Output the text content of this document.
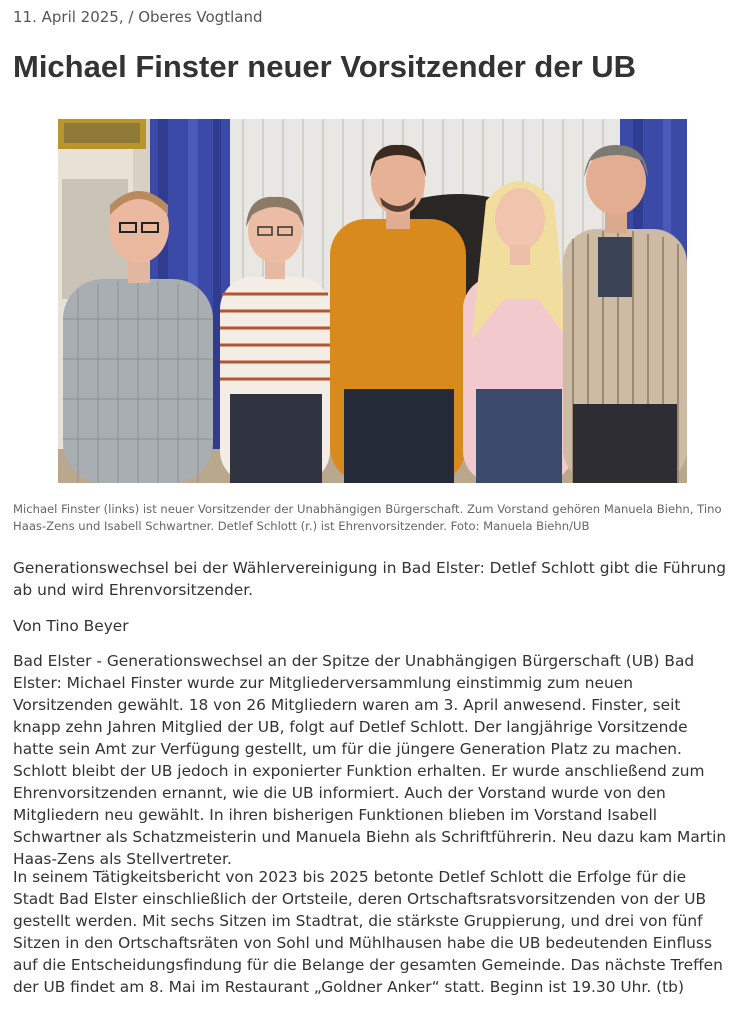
11. April 2025, / Oberes Vogtland
Michael Finster neuer Vorsitzender der UB
Michael Finster (links) ist neuer Vorsitzender der Unabhängigen Bürgerschaft. Zum Vorstand gehören Manuela Biehn, Tino Haas-Zens und Isabell Schwartner. Detlef Schlott (r.) ist Ehrenvorsitzender. Foto: Manuela Biehn/UB
Generationswechsel bei der Wählervereinigung in Bad Elster: Detlef Schlott gibt die Führung ab und wird Ehrenvorsitzender.
Von Tino Beyer
Bad Elster - Generationswechsel an der Spitze der Unabhängigen Bürgerschaft (UB) Bad Elster: Michael Finster wurde zur Mitgliederversammlung einstimmig zum neuen Vorsitzenden gewählt. 18 von 26 Mitgliedern waren am 3. April anwesend. Finster, seit knapp zehn Jahren Mitglied der UB, folgt auf Detlef Schlott. Der langjährige Vorsitzende hatte sein Amt zur Verfügung gestellt, um für die jüngere Generation Platz zu machen. Schlott bleibt der UB jedoch in exponierter Funktion erhalten. Er wurde anschließend zum Ehrenvorsitzenden ernannt, wie die UB informiert. Auch der Vorstand wurde von den Mitgliedern neu gewählt. In ihren bisherigen Funktionen blieben im Vorstand Isabell Schwartner als Schatzmeisterin und Manuela Biehn als Schriftführerin. Neu dazu kam Martin Haas-Zens als Stellvertreter.
In seinem Tätigkeitsbericht von 2023 bis 2025 betonte Detlef Schlott die Erfolge für die Stadt Bad Elster einschließlich der Ortsteile, deren Ortschaftsratsvorsitzenden von der UB gestellt werden. Mit sechs Sitzen im Stadtrat, die stärkste Gruppierung, und drei von fünf Sitzen in den Ortschaftsräten von Sohl und Mühlhausen habe die UB bedeutenden Einfluss auf die Entscheidungsfindung für die Belange der gesamten Gemeinde. Das nächste Treffen der UB findet am 8. Mai im Restaurant „Goldner Anker“ statt. Beginn ist 19.30 Uhr. (tb)
